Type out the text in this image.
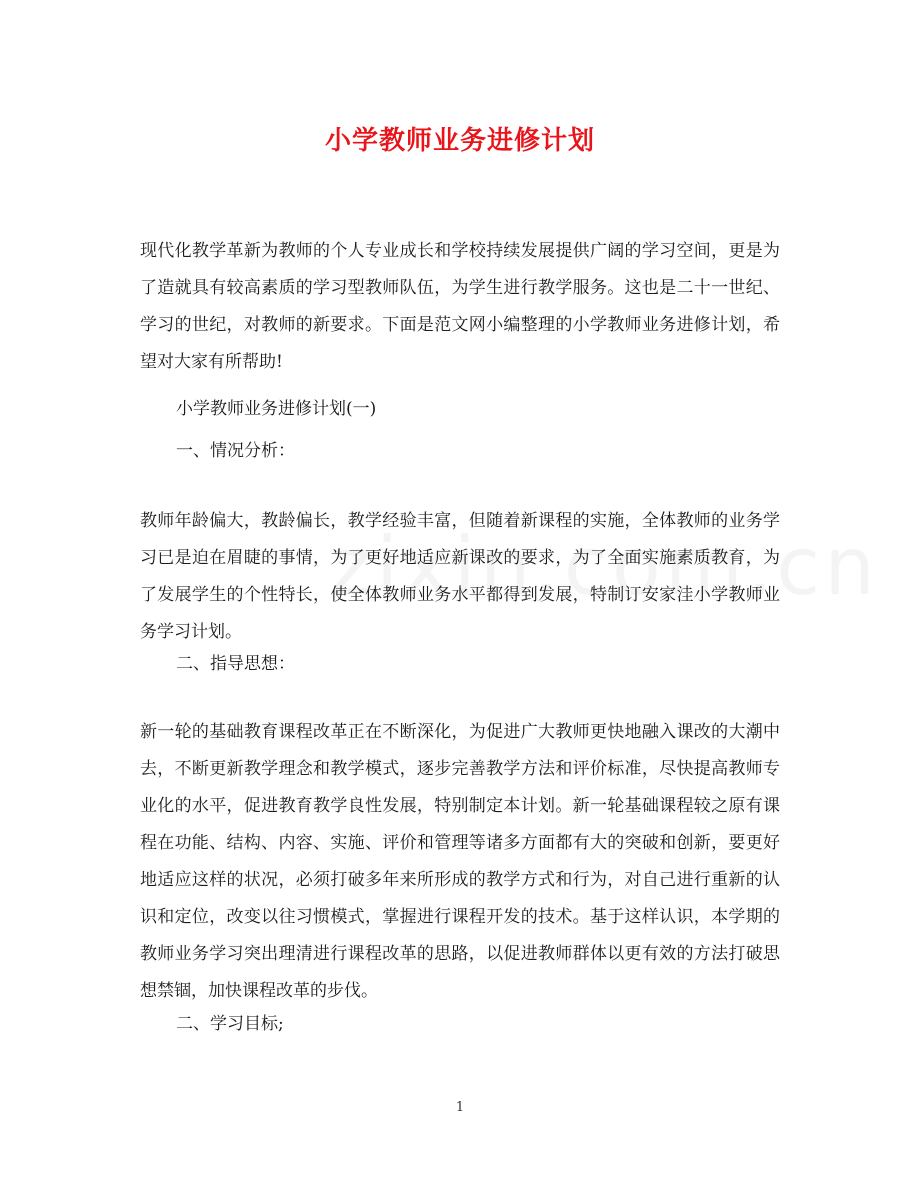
小学教师业务进修计划

现代化教学革新为教师的个人专业成长和学校持续发展提供广阔的学习空间，更是为了造就具有较高素质的学习型教师队伍，为学生进行教学服务。这也是二十一世纪、学习的世纪，对教师的新要求。下面是范文网小编整理的小学教师业务进修计划，希望对大家有所帮助!

小学教师业务进修计划(一)

一、情况分析：

教师年龄偏大，教龄偏长，教学经验丰富，但随着新课程的实施，全体教师的业务学习已是迫在眉睫的事情，为了更好地适应新课改的要求，为了全面实施素质教育，为了发展学生的个性特长，使全体教师业务水平都得到发展，特制订安家洼小学教师业务学习计划。

二、指导思想：

新一轮的基础教育课程改革正在不断深化，为促进广大教师更快地融入课改的大潮中去，不断更新教学理念和教学模式，逐步完善教学方法和评价标准，尽快提高教师专业化的水平，促进教育教学良性发展，特别制定本计划。新一轮基础课程较之原有课程在功能、结构、内容、实施、评价和管理等诸多方面都有大的突破和创新，要更好地适应这样的状况，必须打破多年来所形成的教学方式和行为，对自己进行重新的认识和定位，改变以往习惯模式，掌握进行课程开发的技术。基于这样认识，本学期的教师业务学习突出理清进行课程改革的思路，以促进教师群体以更有效的方法打破思想禁锢，加快课程改革的步伐。

二、学习目标;

1
